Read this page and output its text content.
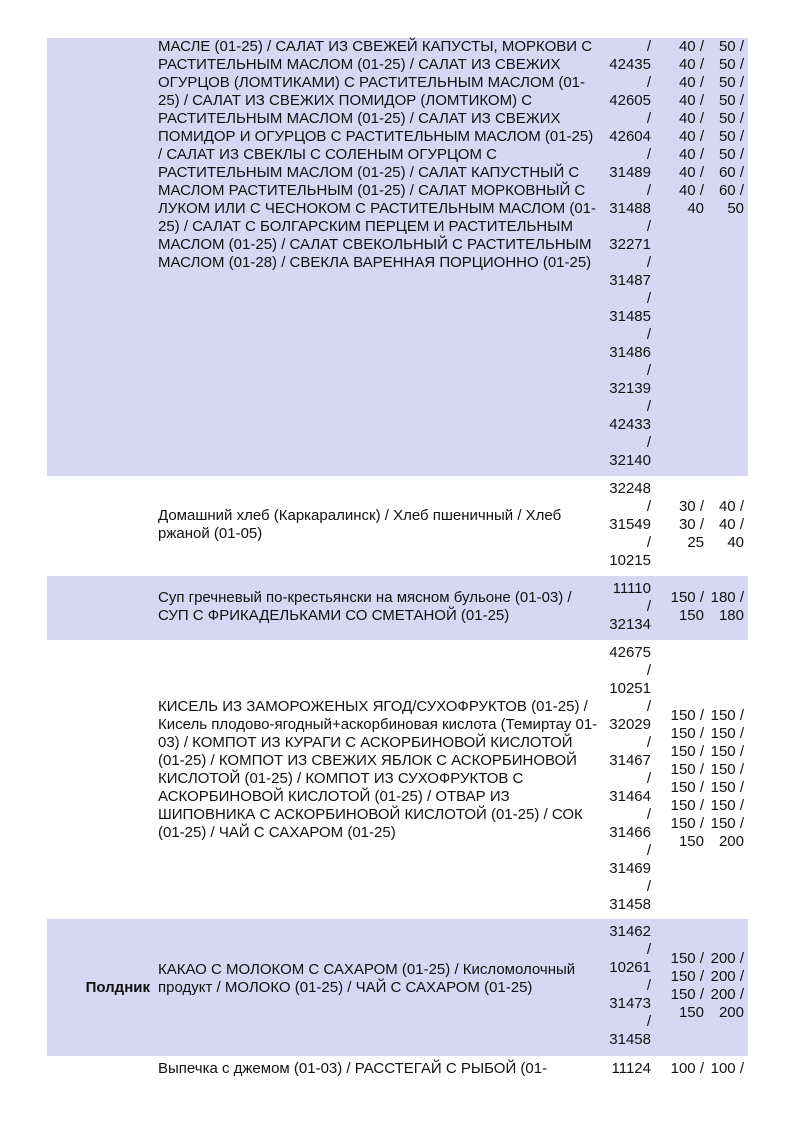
МАСЛЕ (01-25) / САЛАТ ИЗ СВЕЖЕЙ КАПУСТЫ, МОРКОВИ С РАСТИТЕЛЬНЫМ МАСЛОМ (01-25) / САЛАТ ИЗ СВЕЖИХ ОГУРЦОВ (ЛОМТИКАМИ) С РАСТИТЕЛЬНЫМ МАСЛОМ (01-25) / САЛАТ ИЗ СВЕЖИХ ПОМИДОР (ЛОМТИКОМ) С РАСТИТЕЛЬНЫМ МАСЛОМ (01-25) / САЛАТ ИЗ СВЕЖИХ ПОМИДОР И ОГУРЦОВ С РАСТИТЕЛЬНЫМ МАСЛОМ (01-25) / САЛАТ ИЗ СВЕКЛЫ С СОЛЕНЫМ ОГУРЦОМ С РАСТИТЕЛЬНЫМ МАСЛОМ (01-25) / САЛАТ КАПУСТНЫЙ С МАСЛОМ РАСТИТЕЛЬНЫМ (01-25) / САЛАТ МОРКОВНЫЙ С ЛУКОМ ИЛИ С ЧЕСНОКОМ С РАСТИТЕЛЬНЫМ МАСЛОМ (01-25) / САЛАТ С БОЛГАРСКИМ ПЕРЦЕМ И РАСТИТЕЛЬНЫМ МАСЛОМ (01-25) / САЛАТ СВЕКОЛЬНЫЙ С РАСТИТЕЛЬНЫМ МАСЛОМ (01-28) / СВЕКЛА ВАРЕННАЯ ПОРЦИОННО (01-25)
/
42435
/
42605
/
42604
/
31489
/
31488
/
32271
/
31487
/
31485
/
31486
/
32139
/
42433
/
32140
40 /
40 /
40 /
40 /
40 /
40 /
40 /
40 /
40 /
40
50 /
50 /
50 /
50 /
50 /
50 /
50 /
60 /
60 /
50
Домашний хлеб (Каркаралинск) / Хлеб пшеничный / Хлеб ржаной (01-05)
32248
/
31549
/
10215
30 /
30 /
25
40 /
40 /
40
Суп гречневый по-крестьянски на мясном бульоне (01-03) / СУП С ФРИКАДЕЛЬКАМИ СО СМЕТАНОЙ (01-25)
11110
/
32134
150 /
150
180 /
180
КИСЕЛЬ ИЗ ЗАМОРОЖЕНЫХ ЯГОД/СУХОФРУКТОВ (01-25) / Кисель плодово-ягодный+аскорбиновая кислота (Темиртау 01-03) / КОМПОТ ИЗ КУРАГИ С АСКОРБИНОВОЙ КИСЛОТОЙ (01-25) / КОМПОТ ИЗ СВЕЖИХ ЯБЛОК С АСКОРБИНОВОЙ КИСЛОТОЙ (01-25) / КОМПОТ ИЗ СУХОФРУКТОВ С АСКОРБИНОВОЙ КИСЛОТОЙ (01-25) / ОТВАР ИЗ ШИПОВНИКА С АСКОРБИНОВОЙ КИСЛОТОЙ (01-25) / СОК (01-25) / ЧАЙ С САХАРОМ (01-25)
42675
/
10251
/
32029
/
31467
/
31464
/
31466
/
31469
/
31458
150 /
150 /
150 /
150 /
150 /
150 /
150 /
150
150 /
150 /
150 /
150 /
150 /
150 /
150 /
200
Полдник
КАКАО С МОЛОКОМ С САХАРОМ (01-25) / Кисломолочный продукт / МОЛОКО (01-25) / ЧАЙ С САХАРОМ (01-25)
31462
/
10261
/
31473
/
31458
150 /
150 /
150 /
150
200 /
200 /
200 /
200
Выпечка с джемом (01-03) / РАССТЕГАЙ С РЫБОЙ (01-	11124	100 / 100 /
